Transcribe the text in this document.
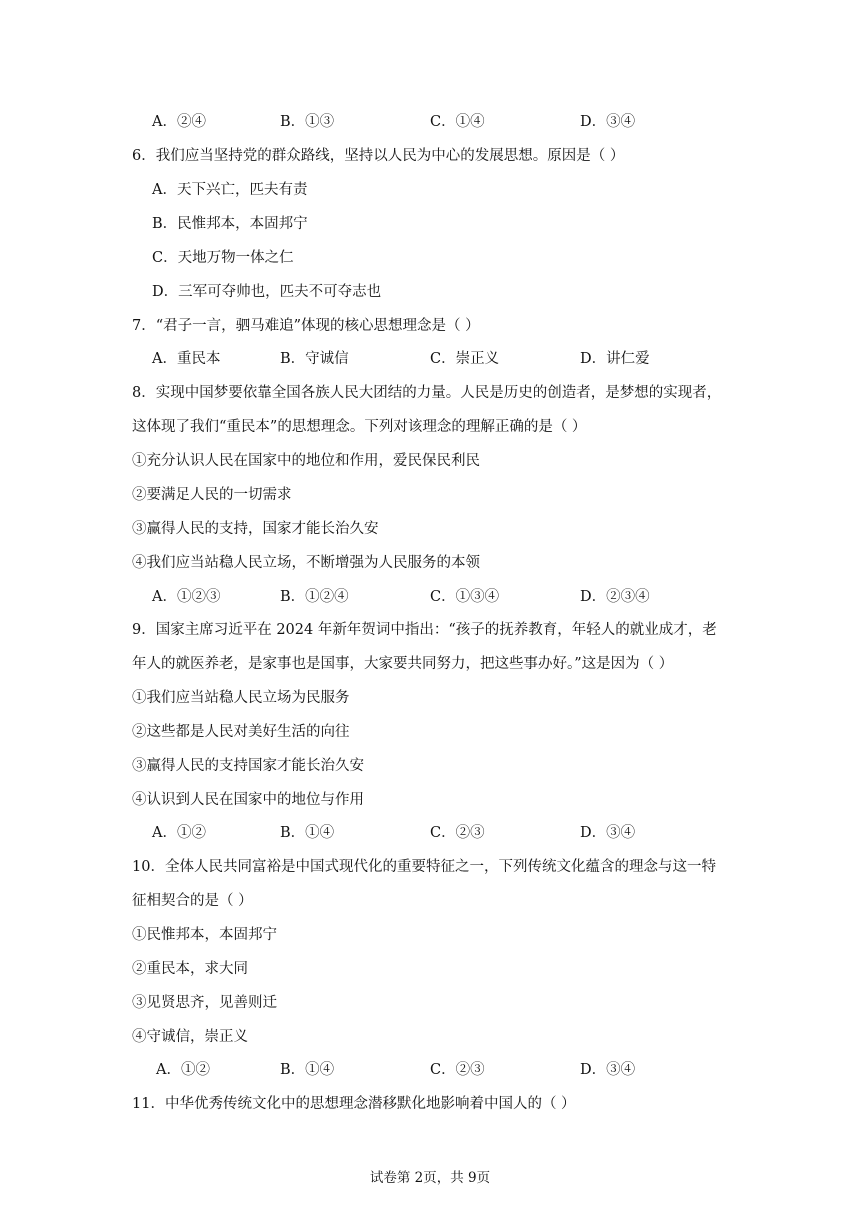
A．②④	B．①③	C．①④	D．③④
6．我们应当坚持党的群众路线，坚持以人民为中心的发展思想。原因是（ ）
A．天下兴亡，匹夫有责
B．民惟邦本，本固邦宁
C．天地万物一体之仁
D．三军可夺帅也，匹夫不可夺志也
7．“君子一言，驷马难追”体现的核心思想理念是（ ）
A．重民本	B．守诚信	C．崇正义	D．讲仁爱
8．实现中国梦要依靠全国各族人民大团结的力量。人民是历史的创造者，是梦想的实现者，
这体现了我们“重民本”的思想理念。下列对该理念的理解正确的是（ ）
①充分认识人民在国家中的地位和作用，爱民保民利民
②要满足人民的一切需求
③赢得人民的支持，国家才能长治久安
④我们应当站稳人民立场，不断增强为人民服务的本领
A．①②③	B．①②④	C．①③④	D．②③④
9．国家主席习近平在 2024 年新年贺词中指出：“孩子的抚养教育，年轻人的就业成才，老
年人的就医养老，是家事也是国事，大家要共同努力，把这些事办好。”这是因为（ ）
①我们应当站稳人民立场为民服务
②这些都是人民对美好生活的向往
③赢得人民的支持国家才能长治久安
④认识到人民在国家中的地位与作用
A．①②	B．①④	C．②③	D．③④
10．全体人民共同富裕是中国式现代化的重要特征之一，下列传统文化蕴含的理念与这一特
征相契合的是（ ）
①民惟邦本，本固邦宁
②重民本，求大同
③见贤思齐，见善则迁
④守诚信，崇正义
A．①②	B．①④	C．②③	D．③④
11．中华优秀传统文化中的思想理念潜移默化地影响着中国人的（ ）
试卷第 2页，共 9页
